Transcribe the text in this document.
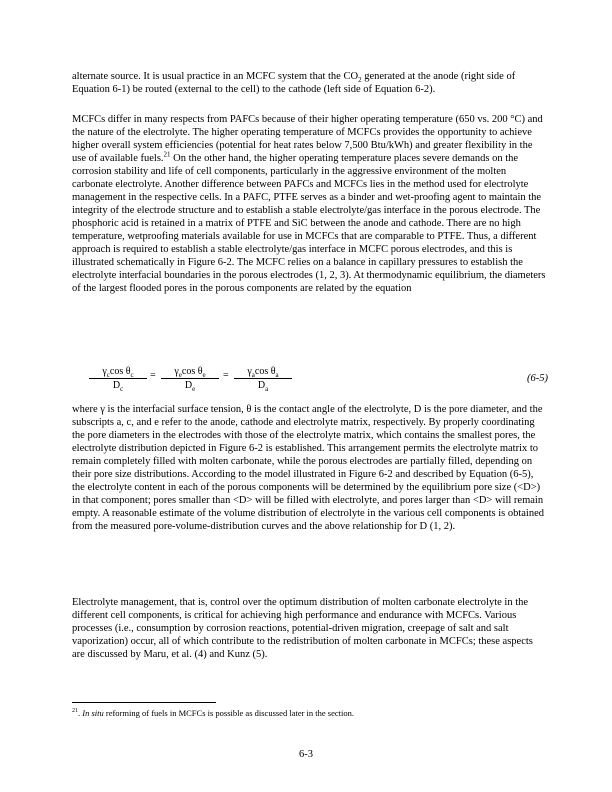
alternate source. It is usual practice in an MCFC system that the $CO_2$ generated at the anode (right side of Equation 6-1) be routed (external to the cell) to the cathode (left side of Equation 6-2).

MCFCs differ in many respects from PAFCs because of their higher operating temperature (650 vs. 200 °C) and the nature of the electrolyte. The higher operating temperature of MCFCs provides the opportunity to achieve higher overall system efficiencies (potential for heat rates below 7,500 Btu/kWh) and greater flexibility in the use of available fuels.$^{21}$ On the other hand, the higher operating temperature places severe demands on the corrosion stability and life of cell components, particularly in the aggressive environment of the molten carbonate electrolyte. Another difference between PAFCs and MCFCs lies in the method used for electrolyte management in the respective cells. In a PAFC, PTFE serves as a binder and wet-proofing agent to maintain the integrity of the electrode structure and to establish a stable electrolyte/gas interface in the porous electrode. The phosphoric acid is retained in a matrix of PTFE and SiC between the anode and cathode. There are no high temperature, wetproofing materials available for use in MCFCs that are comparable to PTFE. Thus, a different approach is required to establish a stable electrolyte/gas interface in MCFC porous electrodes, and this is illustrated schematically in Figure 6-2. The MCFC relies on a balance in capillary pressures to establish the electrolyte interfacial boundaries in the porous electrodes (1, 2, 3). At thermodynamic equilibrium, the diameters of the largest flooded pores in the porous components are related by the equation

$\frac{\gamma_c\cos \theta_c}{D_c} = \frac{\gamma_e\cos \theta_e}{D_e} = \frac{\gamma_a\cos \theta_a}{D_a}$	(6-5)

where γ is the interfacial surface tension, θ is the contact angle of the electrolyte, D is the pore diameter, and the subscripts a, c, and e refer to the anode, cathode and electrolyte matrix, respectively. By properly coordinating the pore diameters in the electrodes with those of the electrolyte matrix, which contains the smallest pores, the electrolyte distribution depicted in Figure 6-2 is established. This arrangement permits the electrolyte matrix to remain completely filled with molten carbonate, while the porous electrodes are partially filled, depending on their pore size distributions. According to the model illustrated in Figure 6-2 and described by Equation (6-5), the electrolyte content in each of the porous components will be determined by the equilibrium pore size (<D>) in that component; pores smaller than <D> will be filled with electrolyte, and pores larger than <D> will remain empty. A reasonable estimate of the volume distribution of electrolyte in the various cell components is obtained from the measured pore-volume-distribution curves and the above relationship for D (1, 2).

Electrolyte management, that is, control over the optimum distribution of molten carbonate electrolyte in the different cell components, is critical for achieving high performance and endurance with MCFCs. Various processes (i.e., consumption by corrosion reactions, potential-driven migration, creepage of salt and salt vaporization) occur, all of which contribute to the redistribution of molten carbonate in MCFCs; these aspects are discussed by Maru, et al. (4) and Kunz (5).

$^{21}$. In situ reforming of fuels in MCFCs is possible as discussed later in the section.
6-3
